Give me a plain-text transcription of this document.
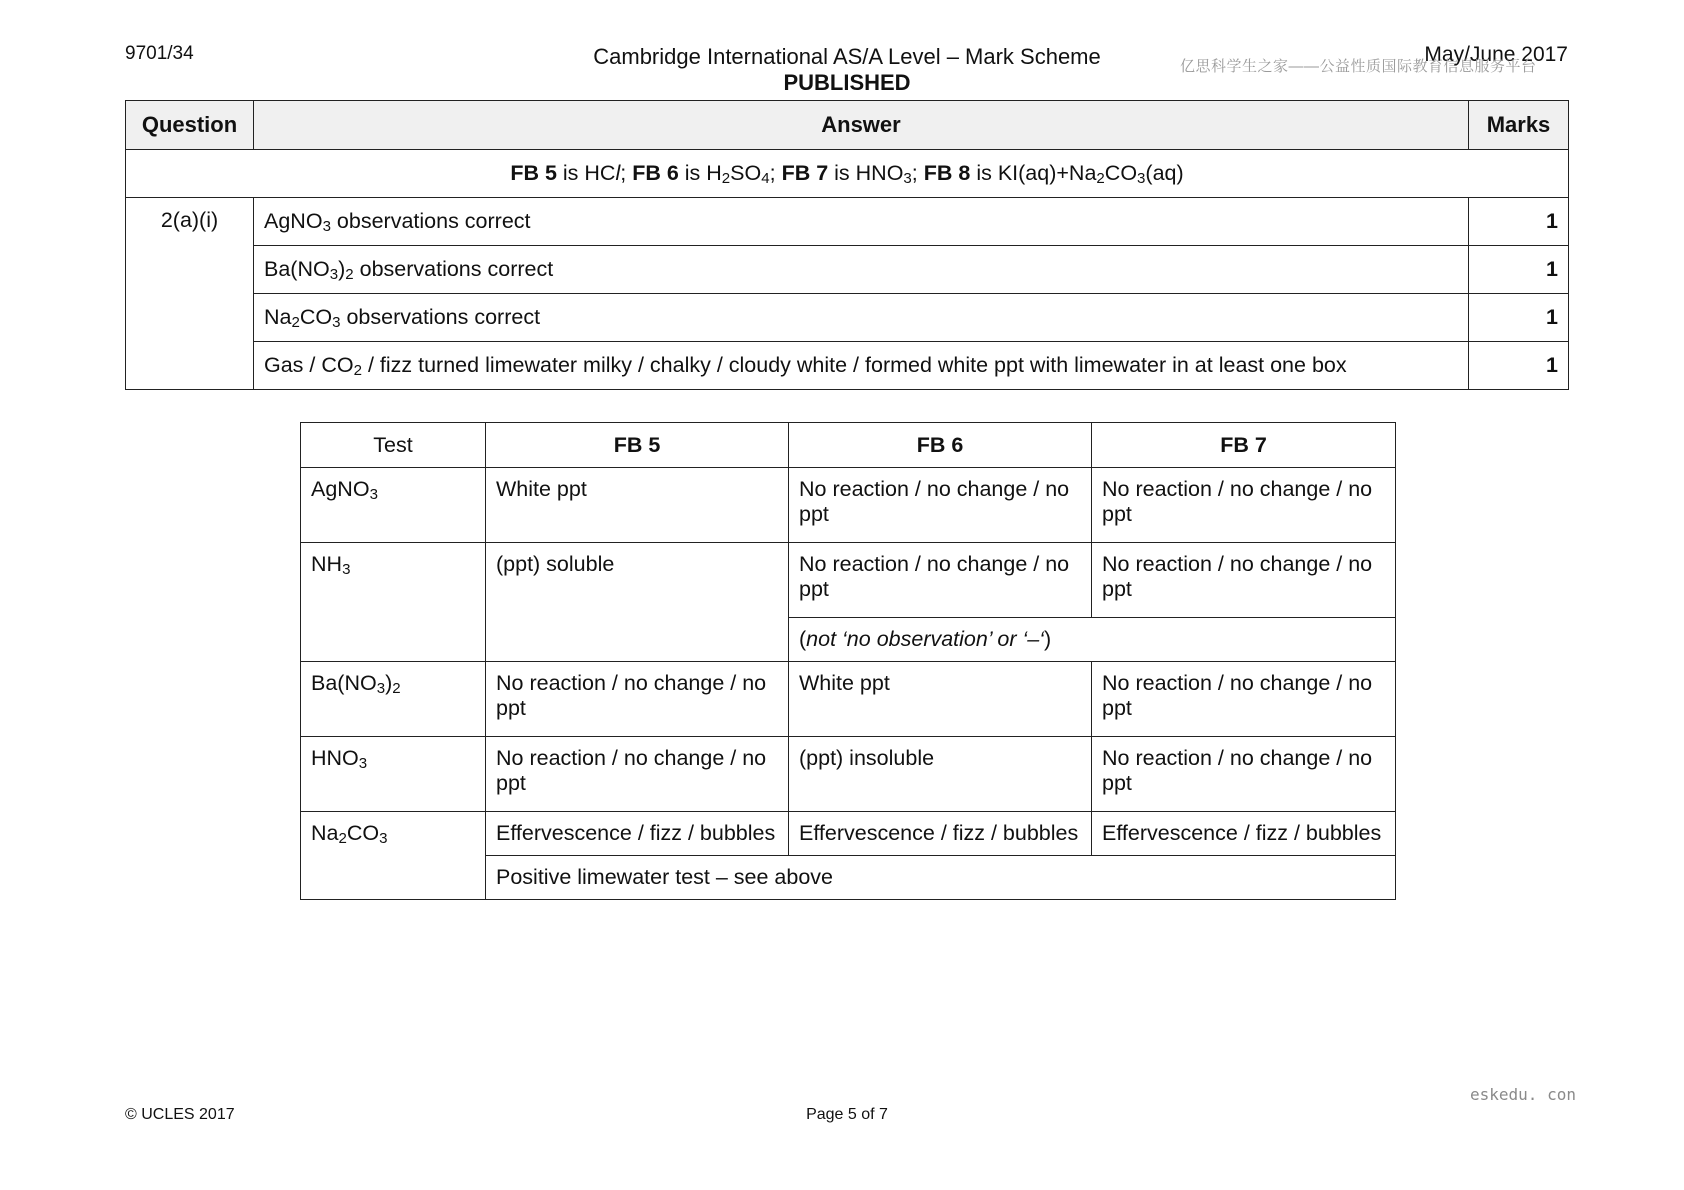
9701/34	Cambridge International AS/A Level – Mark Scheme
PUBLISHED
May/June 2017
亿思科学生之家——公益性质国际教育信息服务平台
Question	Answer	Marks
FB 5 is HCl; FB 6 is $H_2SO_4$; FB 7 is $HNO_3$; FB 8 is $KI(aq)+Na_2CO_3(aq)$		
2(a)(i)	AgNO$_3$ observations correct	1
	$Ba(NO_3)_2$ observations correct	1
	$Na_2CO_3$ observations correct	1
	Gas / $CO_2$ / fizz turned limewater milky / chalky / cloudy white / formed white ppt with limewater in at least one box	1
Test	FB 5	FB 6	FB 7
AgNO$_3$	White ppt	No reaction / no change / no ppt	No reaction / no change / no ppt
$NH_3$	(ppt) soluble	No reaction / no change / no ppt	No reaction / no change / no ppt
		(not ‘no observation’ or ‘–‘)	
$Ba(NO_3)_2$	No reaction / no change / no ppt	White ppt	No reaction / no change / no ppt
$HNO_3$	No reaction / no change / no ppt	(ppt) insoluble	No reaction / no change / no ppt
$Na_2CO_3$	Effervescence / fizz / bubbles	Effervescence / fizz / bubbles	Effervescence / fizz / bubbles
	Positive limewater test – see above		
eskedu. con
© UCLES 2017	Page 5 of 7
